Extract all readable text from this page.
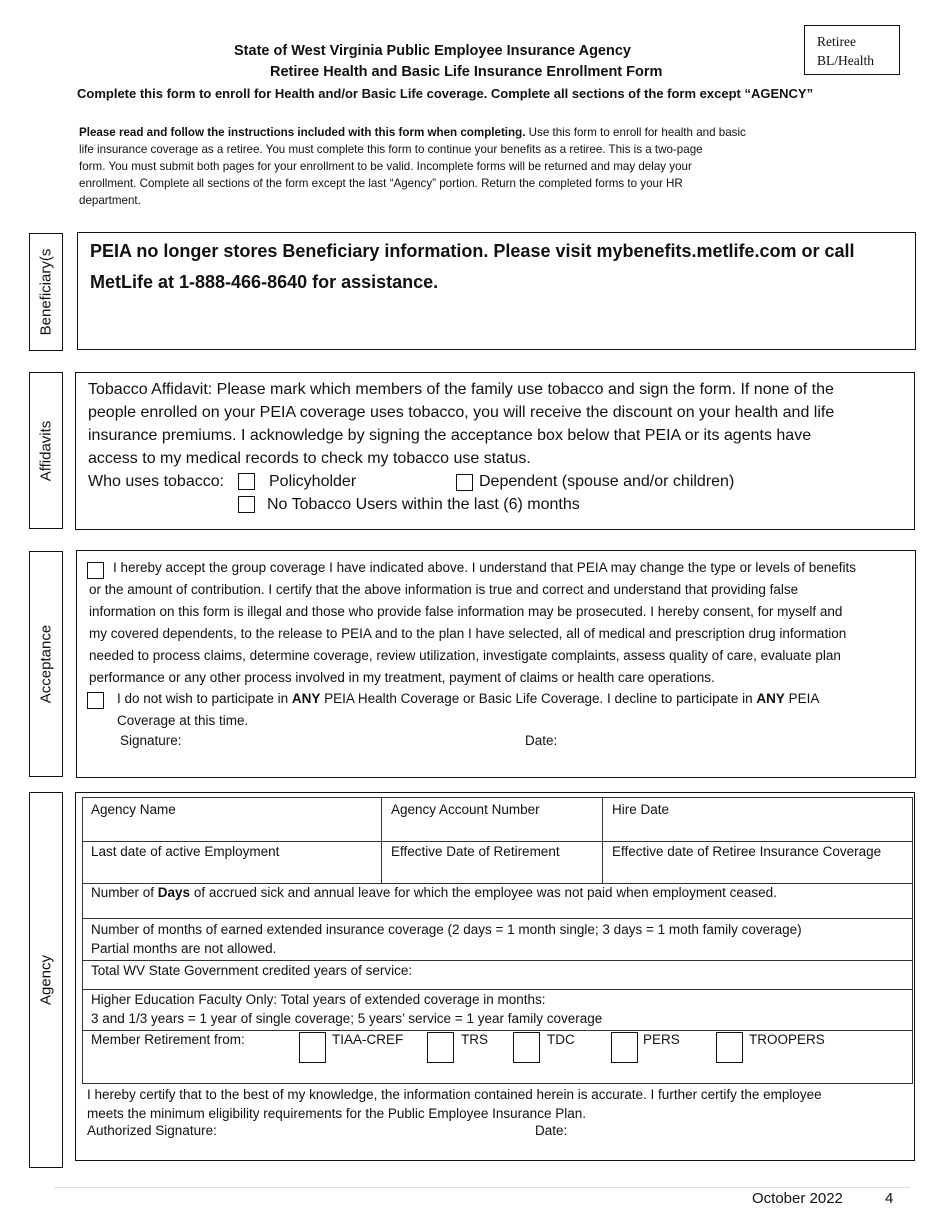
State of West Virginia Public Employee Insurance Agency
Retiree Health and Basic Life Insurance Enrollment Form
Complete this form to enroll for Health and/or Basic Life coverage. Complete all sections of the form except “AGENCY”
Retiree
BL/Health
Please read and follow the instructions included with this form when completing. Use this form to enroll for health and basic
life insurance coverage as a retiree. You must complete this form to continue your benefits as a retiree. This is a two-page
form. You must submit both pages for your enrollment to be valid. Incomplete forms will be returned and may delay your
enrollment. Complete all sections of the form except the last “Agency” portion. Return the completed forms to your HR
department.
Beneficiary(s PEIA no longer stores Beneficiary information. Please visit mybenefits.metlife.com or call
MetLife at 1-888-466-8640 for assistance.
Affidavits
Tobacco Affidavit: Please mark which members of the family use tobacco and sign the form. If none of the
people enrolled on your PEIA coverage uses tobacco, you will receive the discount on your health and life
insurance premiums. I acknowledge by signing the acceptance box below that PEIA or its agents have
access to my medical records to check my tobacco use status.
Who uses tobacco:	Policyholder	Dependent (spouse and/or children)
No Tobacco Users within the last (6) months
Acceptance
I hereby accept the group coverage I have indicated above. I understand that PEIA may change the type or levels of benefits
or the amount of contribution. I certify that the above information is true and correct and understand that providing false
information on this form is illegal and those who provide false information may be prosecuted. I hereby consent, for myself and
my covered dependents, to the release to PEIA and to the plan I have selected, all of medical and prescription drug information
needed to process claims, determine coverage, review utilization, investigate complaints, assess quality of care, evaluate plan
performance or any other process involved in my treatment, payment of claims or health care operations.
I do not wish to participate in ANY PEIA Health Coverage or Basic Life Coverage. I decline to participate in ANY PEIA
Coverage at this time.
Signature:	Date:
Agency
Agency Name	Agency Account Number	Hire Date
Last date of active Employment	Effective Date of Retirement	Effective date of Retiree Insurance Coverage
Number of Days of accrued sick and annual leave for which the employee was not paid when employment ceased.
Number of months of earned extended insurance coverage (2 days = 1 month single; 3 days = 1 moth family coverage)
Partial months are not allowed.
Total WV State Government credited years of service:
Higher Education Faculty Only: Total years of extended coverage in months:
3 and 1/3 years = 1 year of single coverage; 5 years’ service = 1 year family coverage
Member Retirement from:	TIAA-CREF	TRS	TDC	PERS	TROOPERS
I hereby certify that to the best of my knowledge, the information contained herein is accurate. I further certify the employee
meets the minimum eligibility requirements for the Public Employee Insurance Plan.
Authorized Signature:	Date:
October 2022	4
